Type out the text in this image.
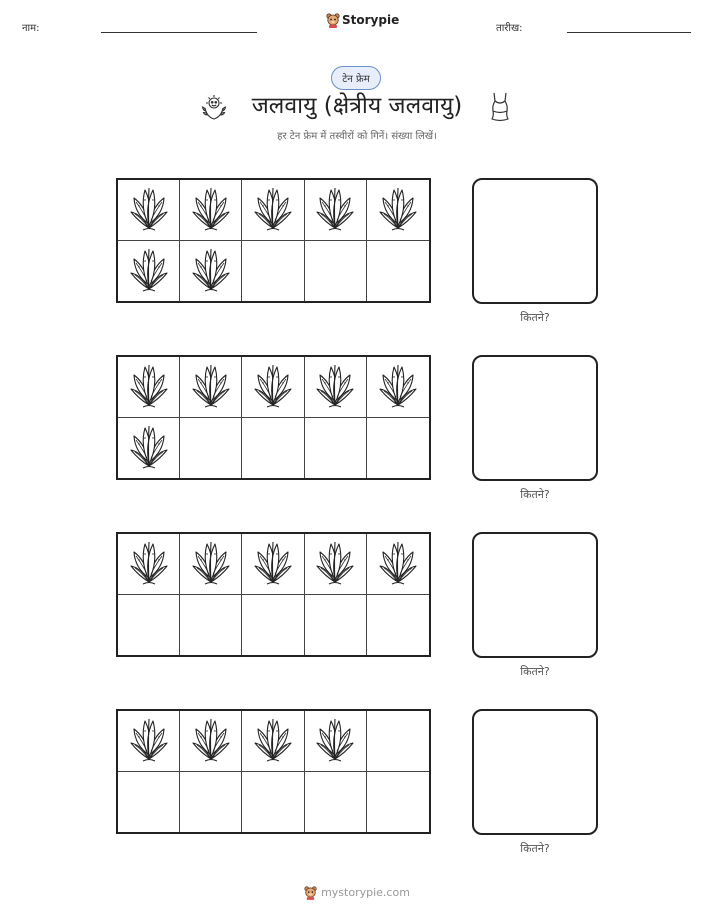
नाम:
Storypie
तारीख:
टेन फ्रेम
जलवायु (क्षेत्रीय जलवायु)
हर टेन फ्रेम में तस्वीरों को गिनें। संख्या लिखें।
कितने?
कितने?
कितने?
कितने?
mystorypie.com
